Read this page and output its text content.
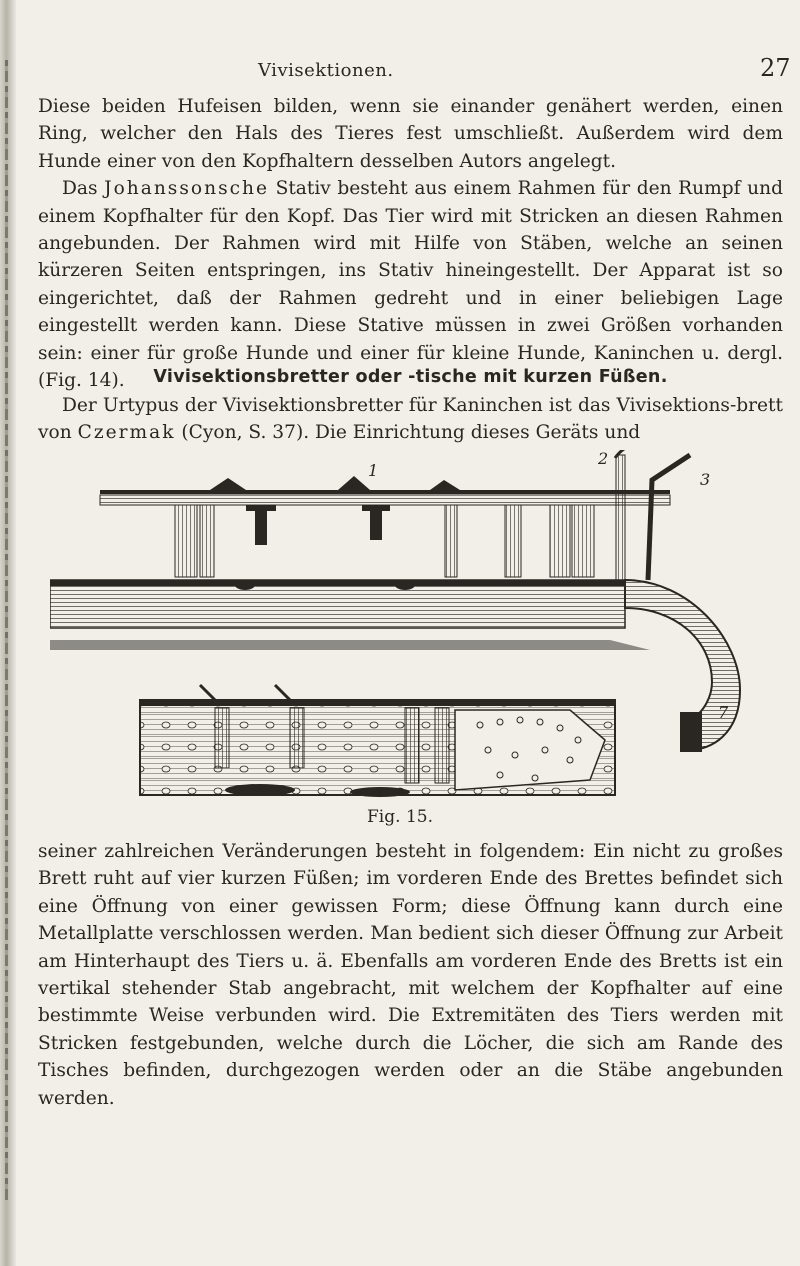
Vivisektionen.	27

Diese beiden Hufeisen bilden, wenn sie einander genähert werden, einen Ring, welcher den Hals des Tieres fest umschließt. Außerdem wird dem Hunde einer von den Kopfhaltern desselben Autors angelegt.

Das Johanssonsche Stativ besteht aus einem Rahmen für den Rumpf und einem Kopfhalter für den Kopf. Das Tier wird mit Stricken an diesen Rahmen angebunden. Der Rahmen wird mit Hilfe von Stäben, welche an seinen kürzeren Seiten entspringen, ins Stativ hineingestellt. Der Apparat ist so eingerichtet, daß der Rahmen gedreht und in einer beliebigen Lage eingestellt werden kann. Diese Stative müssen in zwei Größen vorhanden sein: einer für große Hunde und einer für kleine Hunde, Kaninchen u. dergl. (Fig. 14).	Vivisektionsbretter oder -tische mit kurzen Füßen.

Der Urtypus der Vivisektionsbretter für Kaninchen ist das Vivisektions-brett von Czermak (Cyon, S. 37). Die Einrichtung dieses Geräts und

1
2
3
7
Fig. 15.
seiner zahlreichen Veränderungen besteht in folgendem: Ein nicht zu großes Brett ruht auf vier kurzen Füßen; im vorderen Ende des Brettes befindet sich eine Öffnung von einer gewissen Form; diese Öffnung kann durch eine Metallplatte verschlossen werden. Man bedient sich dieser Öffnung zur Arbeit am Hinterhaupt des Tiers u. ä. Ebenfalls am vorderen Ende des Bretts ist ein vertikal stehender Stab angebracht, mit welchem der Kopfhalter auf eine bestimmte Weise verbunden wird. Die Extremitäten des Tiers werden mit Stricken festgebunden, welche durch die Löcher, die sich am Rande des Tisches befinden, durchgezogen werden oder an die Stäbe angebunden werden.
